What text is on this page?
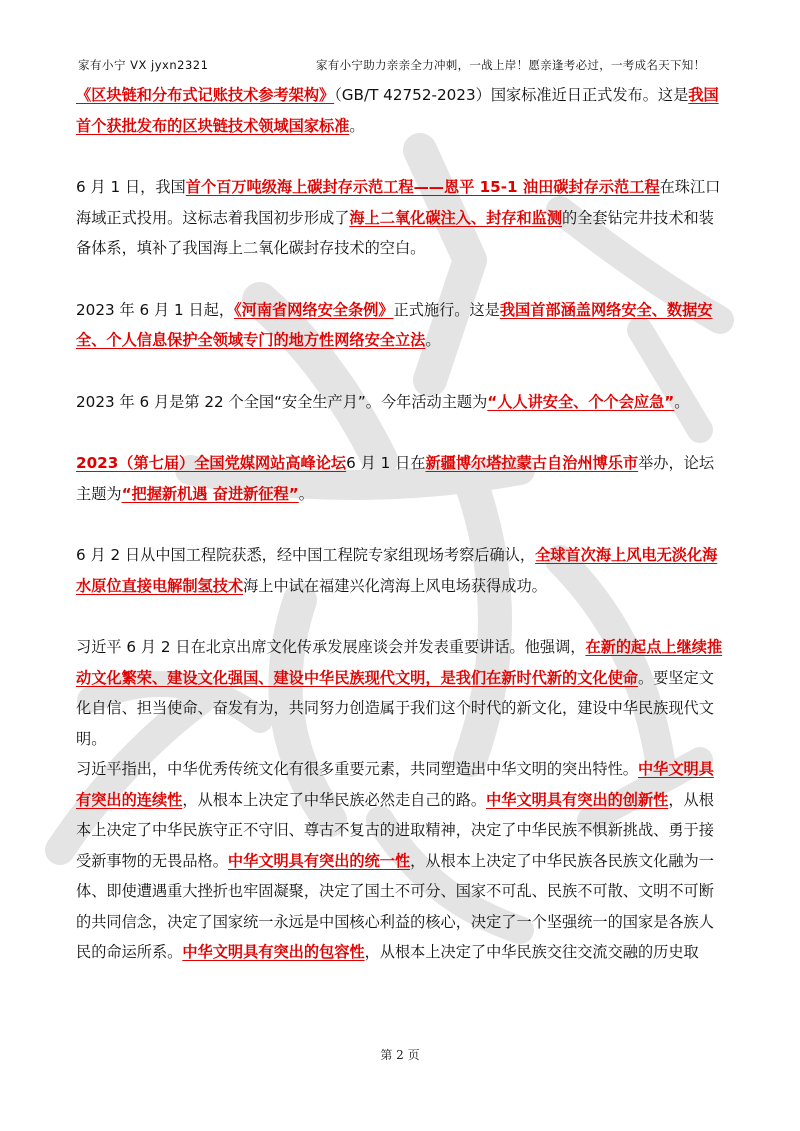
家有小宁 VX jyxn2321	家有小宁助力亲亲全力冲刺，一战上岸！愿亲逢考必过，一考成名天下知！

《区块链和分布式记账技术参考架构》（GB/T 42752-2023）国家标准近日正式发布。这是我国首个获批发布的区块链技术领域国家标准。

6 月 1 日，我国首个百万吨级海上碳封存示范工程——恩平 15-1 油田碳封存示范工程在珠江口海域正式投用。这标志着我国初步形成了海上二氧化碳注入、封存和监测的全套钻完井技术和装备体系，填补了我国海上二氧化碳封存技术的空白。

2023 年 6 月 1 日起，《河南省网络安全条例》正式施行。这是我国首部涵盖网络安全、数据安全、个人信息保护全领域专门的地方性网络安全立法。

2023 年 6 月是第 22 个全国“安全生产月”。今年活动主题为“人人讲安全、个个会应急”。

2023（第七届）全国党媒网站高峰论坛6 月 1 日在新疆博尔塔拉蒙古自治州博乐市举办，论坛主题为“把握新机遇 奋进新征程”。

6 月 2 日从中国工程院获悉，经中国工程院专家组现场考察后确认，全球首次海上风电无淡化海水原位直接电解制氢技术海上中试在福建兴化湾海上风电场获得成功。

习近平 6 月 2 日在北京出席文化传承发展座谈会并发表重要讲话。他强调，在新的起点上继续推动文化繁荣、建设文化强国、建设中华民族现代文明，是我们在新时代新的文化使命。要坚定文化自信、担当使命、奋发有为，共同努力创造属于我们这个时代的新文化，建设中华民族现代文明。

习近平指出，中华优秀传统文化有很多重要元素，共同塑造出中华文明的突出特性。中华文明具有突出的连续性，从根本上决定了中华民族必然走自己的路。中华文明具有突出的创新性，从根本上决定了中华民族守正不守旧、尊古不复古的进取精神，决定了中华民族不惧新挑战、勇于接受新事物的无畏品格。中华文明具有突出的统一性，从根本上决定了中华民族各民族文化融为一体、即使遭遇重大挫折也牢固凝聚，决定了国土不可分、国家不可乱、民族不可散、文明不可断的共同信念，决定了国家统一永远是中国核心利益的核心，决定了一个坚强统一的国家是各族人民的命运所系。中华文明具有突出的包容性，从根本上决定了中华民族交往交流交融的历史取

第 2 页
